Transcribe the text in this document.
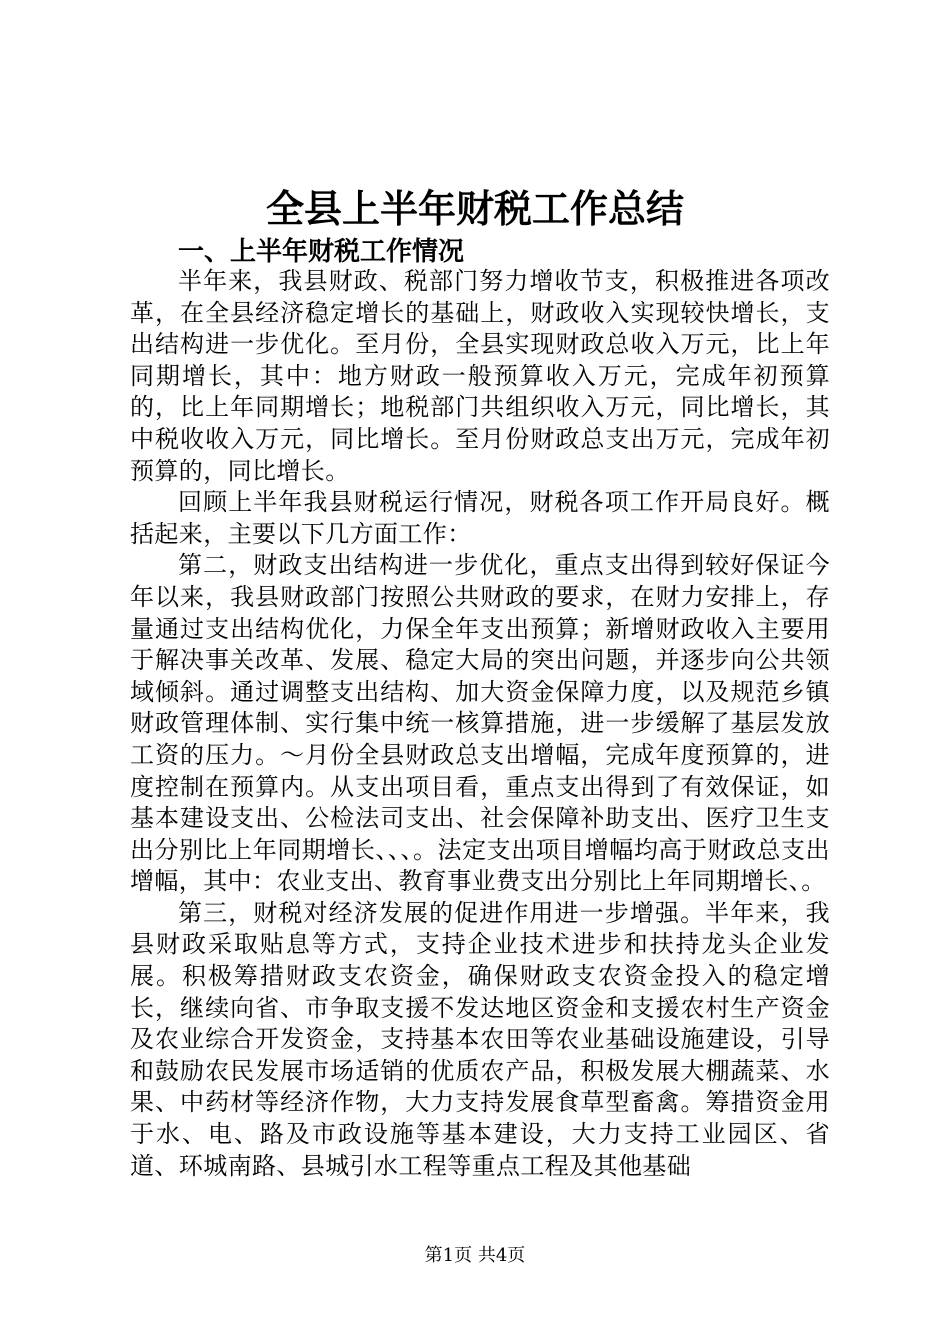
全县上半年财税工作总结
一、上半年财税工作情况

半年来，我县财政、税部门努力增收节支，积极推进各项改革，在全县经济稳定增长的基础上，财政收入实现较快增长，支出结构进一步优化。至月份，全县实现财政总收入万元，比上年同期增长，其中：地方财政一般预算收入万元，完成年初预算的，比上年同期增长；地税部门共组织收入万元，同比增长，其中税收收入万元，同比增长。至月份财政总支出万元，完成年初预算的，同比增长。

回顾上半年我县财税运行情况，财税各项工作开局良好。概括起来，主要以下几方面工作：

第二，财政支出结构进一步优化，重点支出得到较好保证今年以来，我县财政部门按照公共财政的要求，在财力安排上，存量通过支出结构优化，力保全年支出预算；新增财政收入主要用于解决事关改革、发展、稳定大局的突出问题，并逐步向公共领域倾斜。通过调整支出结构、加大资金保障力度，以及规范乡镇财政管理体制、实行集中统一核算措施，进一步缓解了基层发放工资的压力。～月份全县财政总支出增幅，完成年度预算的，进度控制在预算内。从支出项目看，重点支出得到了有效保证，如基本建设支出、公检法司支出、社会保障补助支出、医疗卫生支出分别比上年同期增长、、、。法定支出项目增幅均高于财政总支出增幅，其中：农业支出、教育事业费支出分别比上年同期增长、。

第三，财税对经济发展的促进作用进一步增强。半年来，我县财政采取贴息等方式，支持企业技术进步和扶持龙头企业发展。积极筹措财政支农资金，确保财政支农资金投入的稳定增长，继续向省、市争取支援不发达地区资金和支援农村生产资金及农业综合开发资金，支持基本农田等农业基础设施建设，引导和鼓励农民发展市场适销的优质农产品，积极发展大棚蔬菜、水果、中药材等经济作物，大力支持发展食草型畜禽。筹措资金用于水、电、路及市政设施等基本建设，大力支持工业园区、省道、环城南路、县城引水工程等重点工程及其他基础

第1页 共4页
